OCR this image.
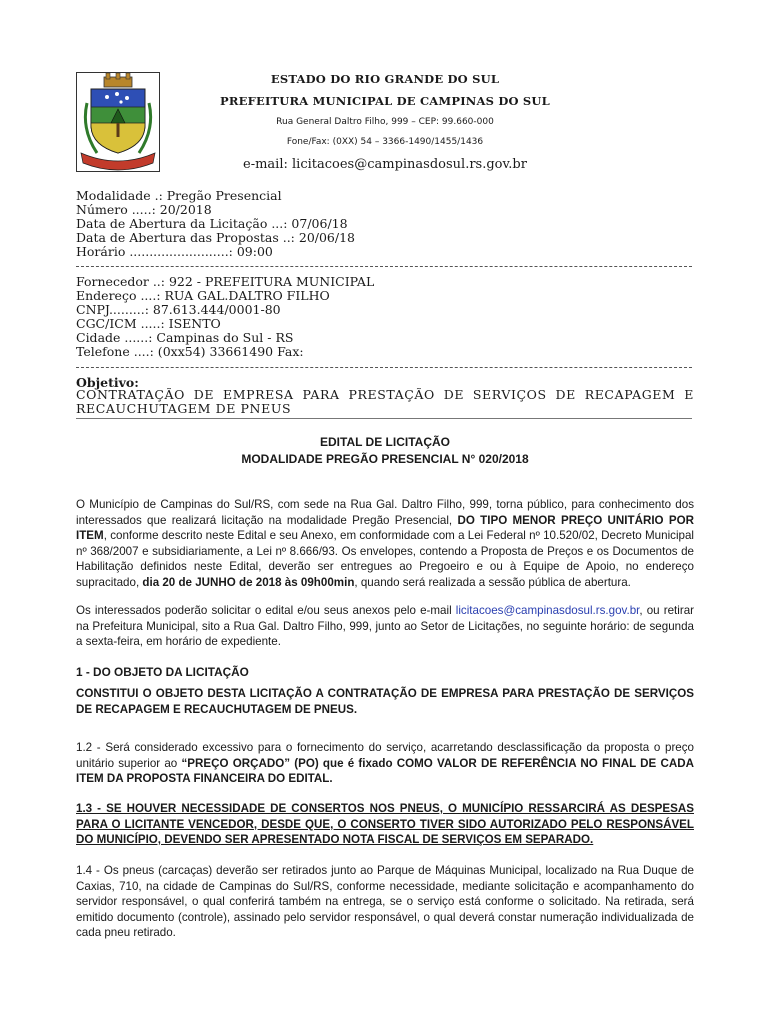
ESTADO DO RIO GRANDE DO SUL
PREFEITURA MUNICIPAL DE CAMPINAS DO SUL
Rua General Daltro Filho, 999 – CEP: 99.660-000
Fone/Fax: (0XX) 54 – 3366-1490/1455/1436
e-mail: licitacoes@campinasdosul.rs.gov.br
Modalidade .: Pregão Presencial
Número .....: 20/2018
Data de Abertura da Licitação ...: 07/06/18
Data de Abertura das Propostas ..: 20/06/18
Horário .........................: 09:00
Fornecedor ..: 922 - PREFEITURA MUNICIPAL
Endereço ....: RUA GAL.DALTRO FILHO
CNPJ.........: 87.613.444/0001-80
CGC/ICM .....: ISENTO
Cidade ......: Campinas do Sul - RS
Telefone ....: (0xx54) 33661490 Fax:
Objetivo:
CONTRATAÇÃO DE EMPRESA PARA PRESTAÇÃO DE SERVIÇOS DE RECAPAGEM E RECAUCHUTAGEM DE PNEUS
EDITAL DE LICITAÇÃO
MODALIDADE PREGÃO PRESENCIAL N° 020/2018
O Município de Campinas do Sul/RS, com sede na Rua Gal. Daltro Filho, 999, torna público, para conhecimento dos interessados que realizará licitação na modalidade Pregão Presencial, DO TIPO MENOR PREÇO UNITÁRIO POR ITEM, conforme descrito neste Edital e seu Anexo, em conformidade com a Lei Federal nº 10.520/02, Decreto Municipal nº 368/2007 e subsidiariamente, a Lei nº 8.666/93. Os envelopes, contendo a Proposta de Preços e os Documentos de Habilitação definidos neste Edital, deverão ser entregues ao Pregoeiro e ou à Equipe de Apoio, no endereço supracitado, dia 20 de JUNHO de 2018 às 09h00min, quando será realizada a sessão pública de abertura.
Os interessados poderão solicitar o edital e/ou seus anexos pelo e-mail licitacoes@campinasdosul.rs.gov.br, ou retirar na Prefeitura Municipal, sito a Rua Gal. Daltro Filho, 999, junto ao Setor de Licitações, no seguinte horário: de segunda a sexta-feira, em horário de expediente.
1 - DO OBJETO DA LICITAÇÃO
CONSTITUI O OBJETO DESTA LICITAÇÃO A CONTRATAÇÃO DE EMPRESA PARA PRESTAÇÃO DE SERVIÇOS DE RECAPAGEM E RECAUCHUTAGEM DE PNEUS.
1.2 - Será considerado excessivo para o fornecimento do serviço, acarretando desclassificação da proposta o preço unitário superior ao “PREÇO ORÇADO” (PO) que é fixado COMO VALOR DE REFERÊNCIA NO FINAL DE CADA ITEM DA PROPOSTA FINANCEIRA DO EDITAL.
1.3 - SE HOUVER NECESSIDADE DE CONSERTOS NOS PNEUS, O MUNICÍPIO RESSARCIRÁ AS DESPESAS PARA O LICITANTE VENCEDOR, DESDE QUE, O CONSERTO TIVER SIDO AUTORIZADO PELO RESPONSÁVEL DO MUNICÍPIO, DEVENDO SER APRESENTADO NOTA FISCAL DE SERVIÇOS EM SEPARADO.
1.4 - Os pneus (carcaças) deverão ser retirados junto ao Parque de Máquinas Municipal, localizado na Rua Duque de Caxias, 710, na cidade de Campinas do Sul/RS, conforme necessidade, mediante solicitação e acompanhamento do servidor responsável, o qual conferirá também na entrega, se o serviço está conforme o solicitado. Na retirada, será emitido documento (controle), assinado pelo servidor responsável, o qual deverá constar numeração individualizada de cada pneu retirado.
